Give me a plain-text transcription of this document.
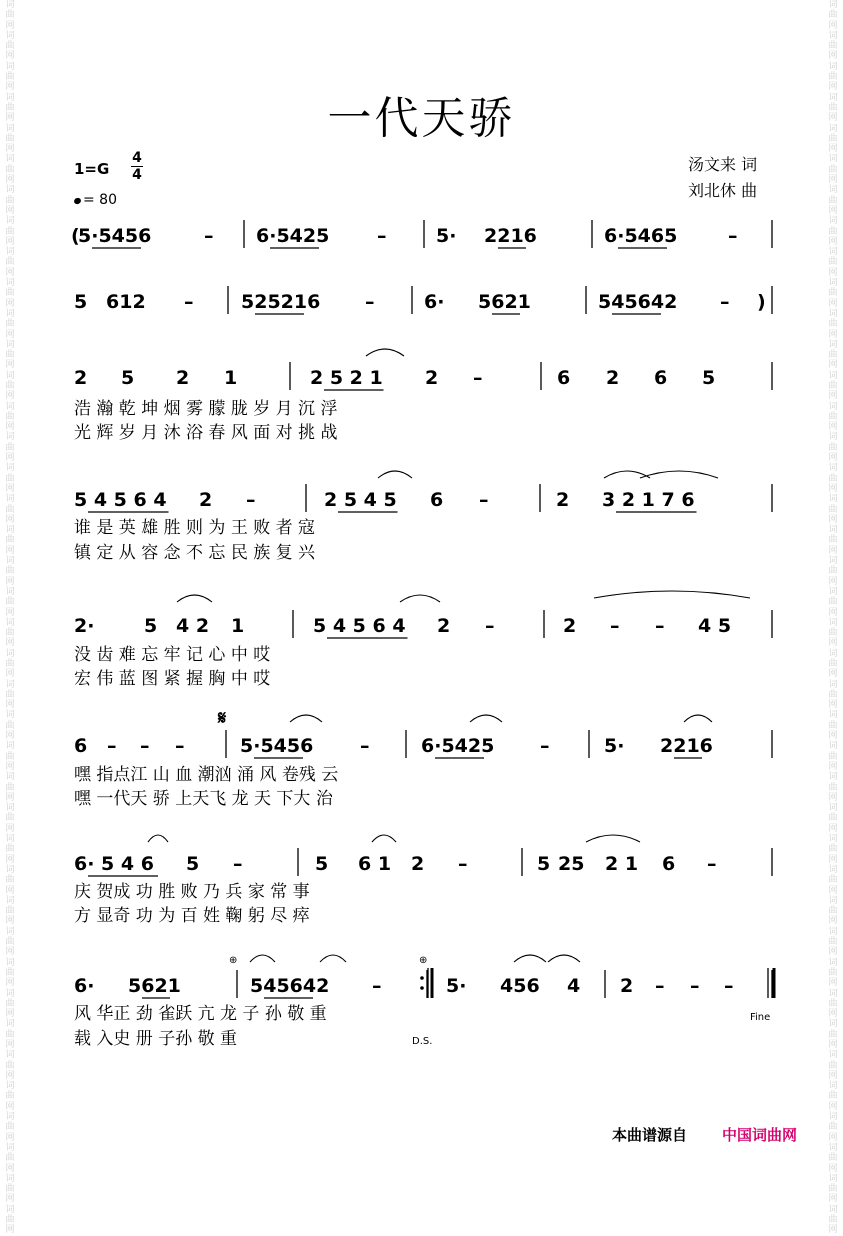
词曲网词曲网词曲网词曲网词曲网词曲网词曲网词曲网词曲网词曲网词曲网词曲网词曲网词曲网词曲网词曲网词曲网词曲网词曲网词曲网词曲网词曲网词曲网词曲网词曲网词曲网词曲网词曲网词曲网词曲网词曲网词曲网词曲网词曲网词曲网词曲网词曲网词曲网词曲网词曲网
词曲网词曲网词曲网词曲网词曲网词曲网词曲网词曲网词曲网词曲网词曲网词曲网词曲网词曲网词曲网词曲网词曲网词曲网词曲网词曲网词曲网词曲网词曲网词曲网词曲网词曲网词曲网词曲网词曲网词曲网词曲网词曲网词曲网词曲网词曲网词曲网词曲网词曲网词曲网词曲网
一代天骄
1=G
4
4
= 80
汤文来 词
刘北休 曲
(
5·5456	– 6·5425	–	5· 2216	6·5465	–
5 612 –	525216 –	6· 5621	545642 – )
2 5 2 1	2 5 2 1 2 –	6 2 6 5
浩 瀚 乾 坤 烟 雾 朦 胧 岁 月 沉 浮
光 辉 岁 月 沐 浴 春 风 面 对 挑 战
5 4 5 6 4 2 –	2 5 4 5 6 –	2 3 2 1 7 6
谁 是 英 雄 胜 则 为 王 败 者 寇
镇 定 从 容 念 不 忘 民 族 复 兴
2·	5 4 2 1	5 4 5 6 4 2 –	2 – – 4 5
没 齿 难 忘 牢 记 心 中 哎
宏 伟 蓝 图 紧 握 胸 中 哎
6 – – –	5·5456 –	6·5425 –	5· 2216
嘿 指点江 山 血 潮汹 涌 风 卷残 云
嘿 一代天 骄 上天飞 龙 天 下大 治
6· 5 4 6 5 –	5 6 1 2 –	5 25 2 1 6 –
庆 贺成 功 胜 败 乃 兵 家 常 事
方 显奇 功 为 百 姓 鞠 躬 尽 瘁
6· 5621	545642 –	5· 456 4 2 – – –
风 华正 劲 雀跃 亢 龙 子 孙 敬 重
载 入史 册 子孙 敬 重
𝄋
⊕	⊕
Fine
D.S.
本曲谱源自 中国词曲网
